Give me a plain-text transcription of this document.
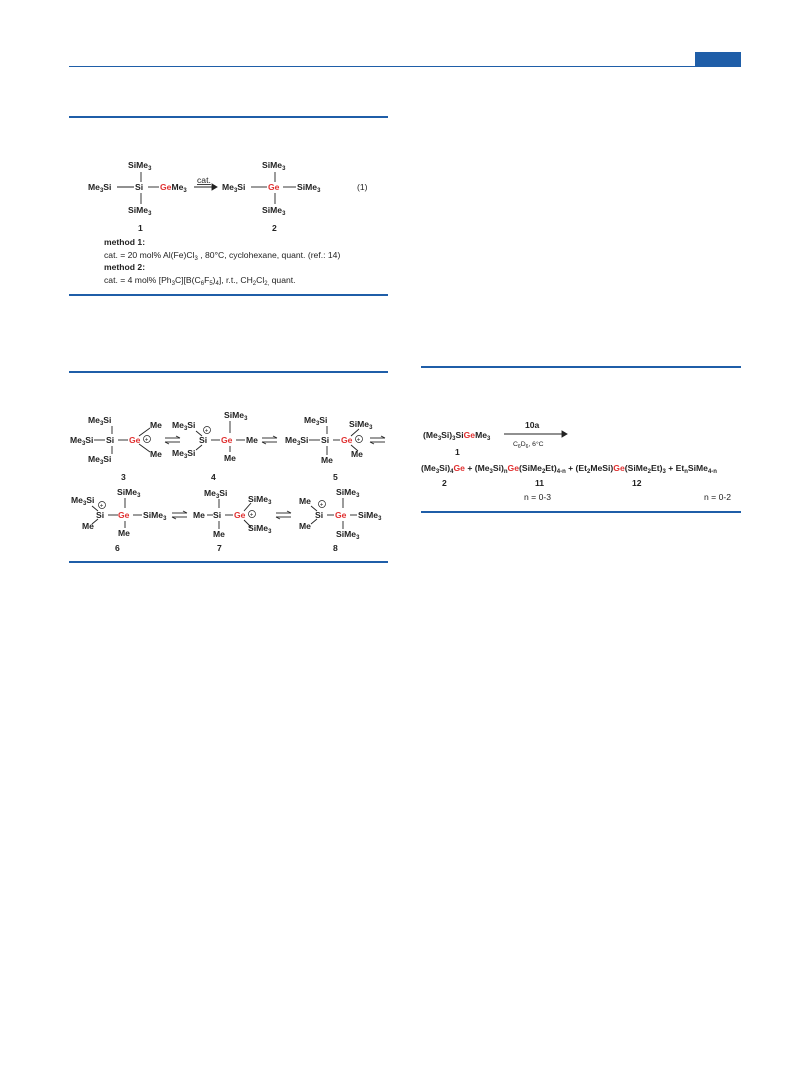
SiMe$_3$
$Me_3Si$	Si GeMe$_3$
SiMe$_3$
1
cat.
SiMe$_3$
$Me_3Si$	Ge SiMe$_3$
SiMe$_3$
2
(1)
method 1:
cat. = 20 mol% $Al(Fe)Cl_3$ , 80°C, cyclohexane, quant. (ref.: 14)
method 2:
cat. = 4 mol% $[Ph_3C][B(C_6F_5)_4]$, r.t., $CH_2Cl_{2,}$ quant.
$Me_3Si$
$Me_3Si$ Si Ge +
Me
Me
$Me_3Si$
3
$Me_3Si$
+
Si
SiMe$_3$
Ge Me
$Me_3Si$	Me
4
$Me_3Si$
$Me_3Si$ Si Ge +
SiMe$_3$
Me
Me
5
$Me_3Si$
+
Si
Me
SiMe$_3$
Ge SiMe$_3$
Me
6
$Me_3Si$
Me Si Ge +
SiMe$_3$
SiMe$_3$
Me
7
Me +
Si
Me
SiMe$_3$
Ge SiMe$_3$
SiMe$_3$
8
$(Me_3Si)_3SiGeMe_3$
1
10a
$C_6D_6$, 6°C
$(Me_3Si)_4Ge$ + $(Me_3Si)_nGe(SiMe_2Et)_{4-n}$ + $(Et_2MeSi)Ge(SiMe_2Et)_3$ + $Et_nSiMe_{4-n}$
2	11	12
n = 0-3	n = 0-2
